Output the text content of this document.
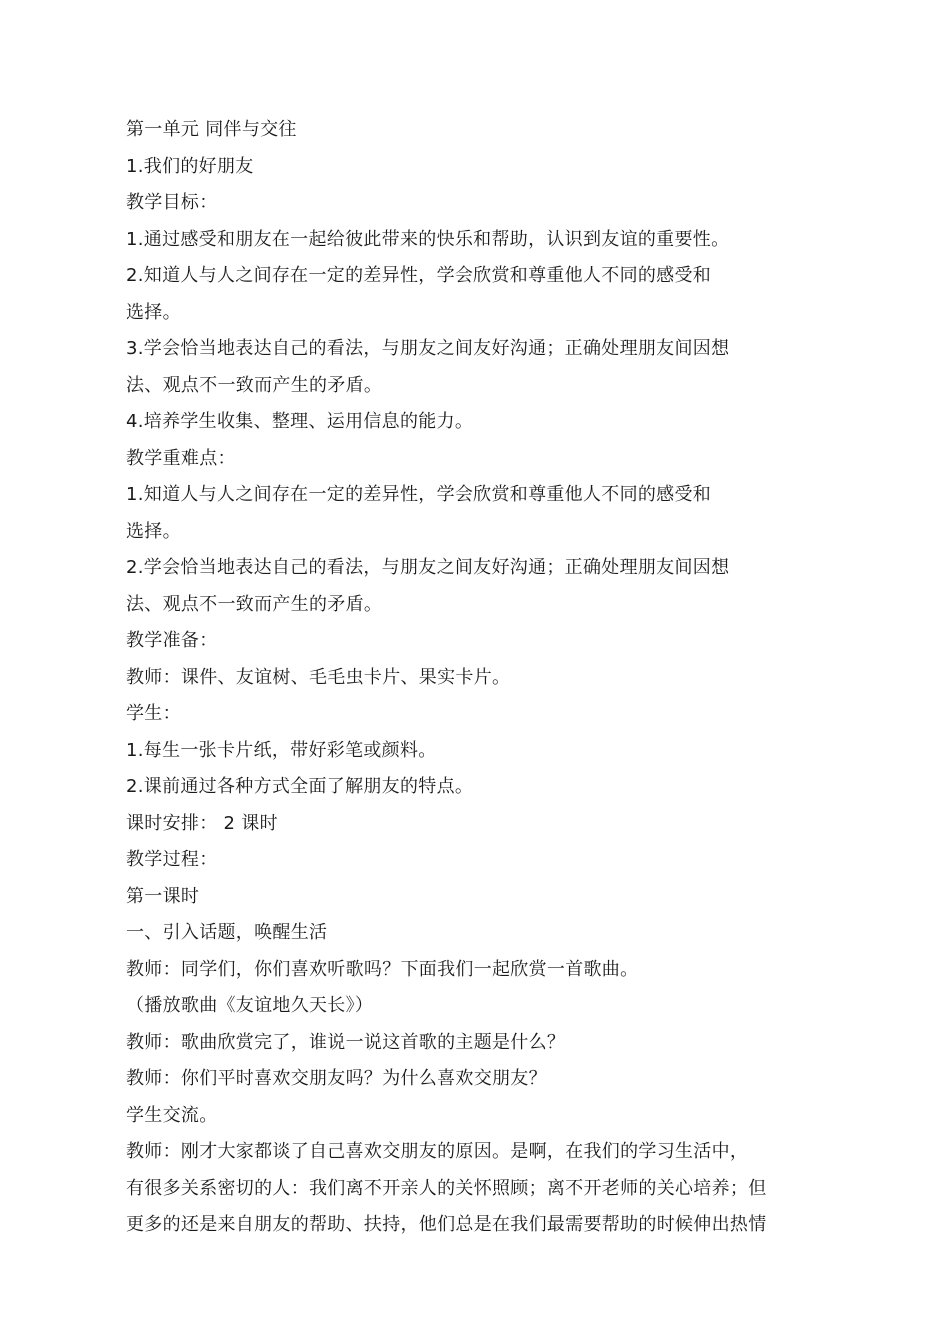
第一单元 同伴与交往
1.我们的好朋友
教学目标：
1.通过感受和朋友在一起给彼此带来的快乐和帮助，认识到友谊的重要性。
2.知道人与人之间存在一定的差异性，学会欣赏和尊重他人不同的感受和
选择。
3.学会恰当地表达自己的看法，与朋友之间友好沟通；正确处理朋友间因想
法、观点不一致而产生的矛盾。
4.培养学生收集、整理、运用信息的能力。
教学重难点：
1.知道人与人之间存在一定的差异性，学会欣赏和尊重他人不同的感受和
选择。
2.学会恰当地表达自己的看法，与朋友之间友好沟通；正确处理朋友间因想
法、观点不一致而产生的矛盾。
教学准备：
教师：课件、友谊树、毛毛虫卡片、果实卡片。
学生：
1.每生一张卡片纸，带好彩笔或颜料。
2.课前通过各种方式全面了解朋友的特点。
课时安排： 2 课时
教学过程：
第一课时
一、引入话题，唤醒生活
教师：同学们，你们喜欢听歌吗？下面我们一起欣赏一首歌曲。
（播放歌曲《友谊地久天长》）
教师：歌曲欣赏完了，谁说一说这首歌的主题是什么？
教师：你们平时喜欢交朋友吗？为什么喜欢交朋友？
学生交流。
教师：刚才大家都谈了自己喜欢交朋友的原因。是啊，在我们的学习生活中，
有很多关系密切的人：我们离不开亲人的关怀照顾；离不开老师的关心培养；但
更多的还是来自朋友的帮助、扶持，他们总是在我们最需要帮助的时候伸出热情
